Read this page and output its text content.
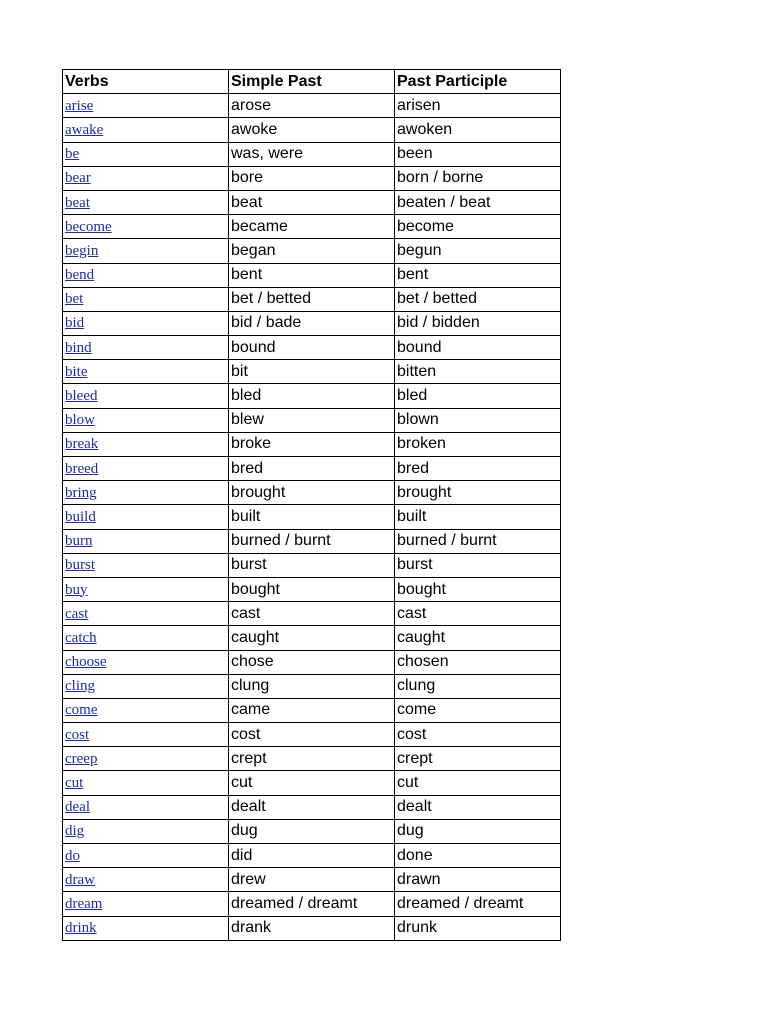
Verbs	Simple Past	Past Participle
arise	arose	arisen
awake	awoke	awoken
be	was, were	been
bear	bore	born / borne
beat	beat	beaten / beat
become	became	become
begin	began	begun
bend	bent	bent
bet	bet / betted	bet / betted
bid	bid / bade	bid / bidden
bind	bound	bound
bite	bit	bitten
bleed	bled	bled
blow	blew	blown
break	broke	broken
breed	bred	bred
bring	brought	brought
build	built	built
burn	burned / burnt	burned / burnt
burst	burst	burst
buy	bought	bought
cast	cast	cast
catch	caught	caught
choose	chose	chosen
cling	clung	clung
come	came	come
cost	cost	cost
creep	crept	crept
cut	cut	cut
deal	dealt	dealt
dig	dug	dug
do	did	done
draw	drew	drawn
dream	dreamed / dreamt	dreamed / dreamt
drink	drank	drunk
